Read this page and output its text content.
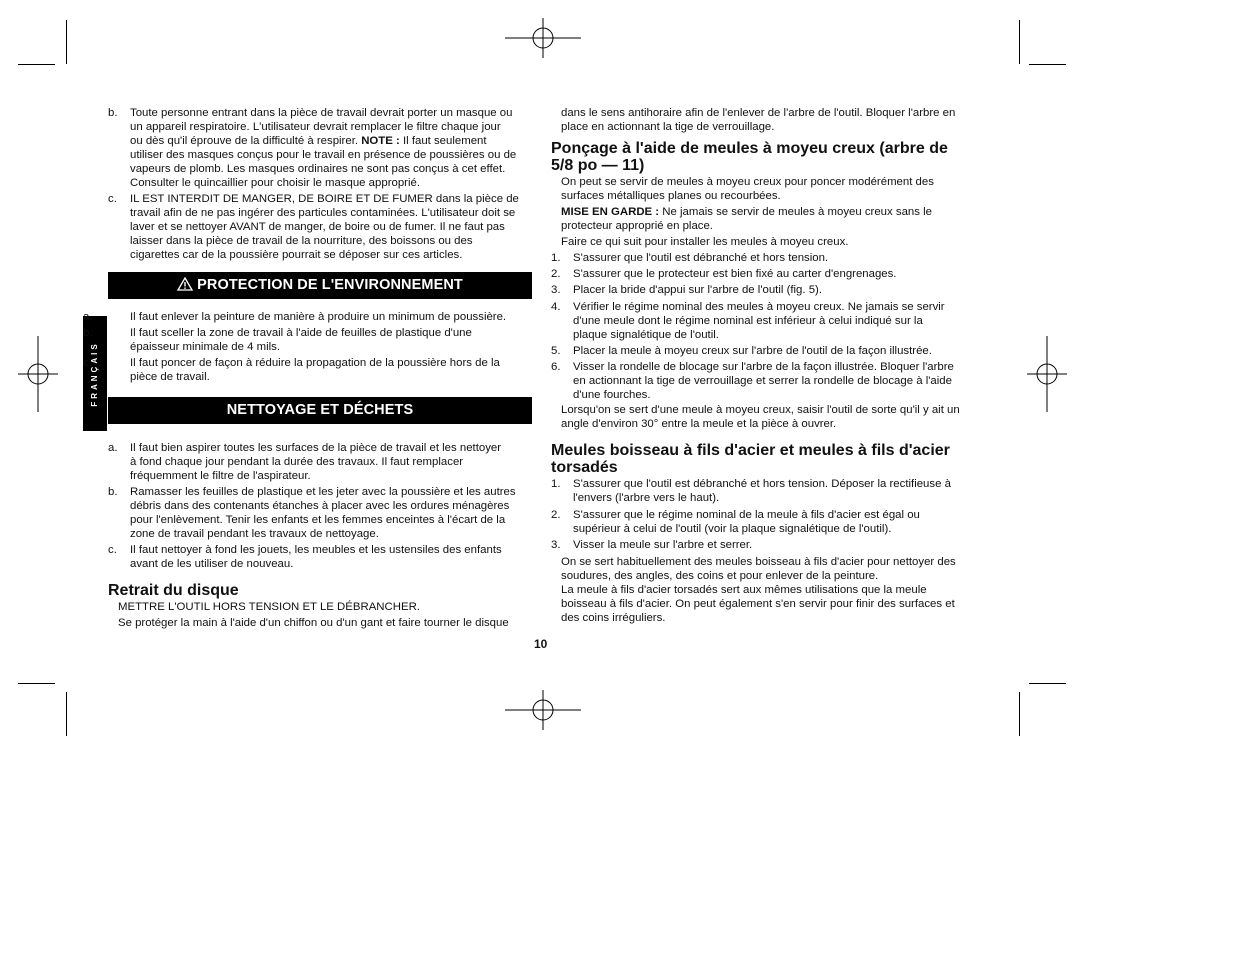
FRANÇAIS
b. Toute personne entrant dans la pièce de travail devrait porter un masque ou
un appareil respiratoire. L'utilisateur devrait remplacer le filtre chaque jour
ou dès qu'il éprouve de la difficulté à respirer. NOTE : Il faut seulement
utiliser des masques conçus pour le travail en présence de poussières ou de
vapeurs de plomb. Les masques ordinaires ne sont pas conçus à cet effet.
Consulter le quincaillier pour choisir le masque approprié.
c. IL EST INTERDIT DE MANGER, DE BOIRE ET DE FUMER dans la pièce de
travail afin de ne pas ingérer des particules contaminées. L'utilisateur doit se
laver et se nettoyer AVANT de manger, de boire ou de fumer. Il ne faut pas
laisser dans la pièce de travail de la nourriture, des boissons ou des
cigarettes car de la poussière pourrait se déposer sur ces articles.
PROTECTION DE L'ENVIRONNEMENT
a.	Il faut enlever la peinture de manière à produire un minimum de poussière.
b.	Il faut sceller la zone de travail à l'aide de feuilles de plastique d'une
épaisseur minimale de 4 mils.
c.	Il faut poncer de façon à réduire la propagation de la poussière hors de la
pièce de travail.
NETTOYAGE ET DÉCHETS
a. Il faut bien aspirer toutes les surfaces de la pièce de travail et les nettoyer
à fond chaque jour pendant la durée des travaux. Il faut remplacer
fréquemment le filtre de l'aspirateur.
b. Ramasser les feuilles de plastique et les jeter avec la poussière et les autres
débris dans des contenants étanches à placer avec les ordures ménagères
pour l'enlèvement. Tenir les enfants et les femmes enceintes à l'écart de la
zone de travail pendant les travaux de nettoyage.
c. Il faut nettoyer à fond les jouets, les meubles et les ustensiles des enfants
avant de les utiliser de nouveau.
Retrait du disque
METTRE L'OUTIL HORS TENSION ET LE DÉBRANCHER.
Se protéger la main à l'aide d'un chiffon ou d'un gant et faire tourner le disque
10
dans le sens antihoraire afin de l'enlever de l'arbre de l'outil. Bloquer l'arbre en
place en actionnant la tige de verrouillage.
Ponçage à l'aide de meules à moyeu creux (arbre de
5/8 po — 11)
On peut se servir de meules à moyeu creux pour poncer modérément des
surfaces métalliques planes ou recourbées.
MISE EN GARDE : Ne jamais se servir de meules à moyeu creux sans le
protecteur approprié en place.
Faire ce qui suit pour installer les meules à moyeu creux.
1. S'assurer que l'outil est débranché et hors tension.
2. S'assurer que le protecteur est bien fixé au carter d'engrenages.
3. Placer la bride d'appui sur l'arbre de l'outil (fig. 5).
4. Vérifier le régime nominal des meules à moyeu creux. Ne jamais se servir
d'une meule dont le régime nominal est inférieur à celui indiqué sur la
plaque signalétique de l'outil.
5. Placer la meule à moyeu creux sur l'arbre de l'outil de la façon illustrée.
6. Visser la rondelle de blocage sur l'arbre de la façon illustrée. Bloquer l'arbre
en actionnant la tige de verrouillage et serrer la rondelle de blocage à l'aide
d'une fourches.
Lorsqu'on se sert d'une meule à moyeu creux, saisir l'outil de sorte qu'il y ait un
angle d'environ 30° entre la meule et la pièce à ouvrer.
Meules boisseau à fils d'acier et meules à fils d'acier
torsadés
1. S'assurer que l'outil est débranché et hors tension. Déposer la rectifieuse à
l'envers (l'arbre vers le haut).
2. S'assurer que le régime nominal de la meule à fils d'acier est égal ou
supérieur à celui de l'outil (voir la plaque signalétique de l'outil).
3. Visser la meule sur l'arbre et serrer.
On se sert habituellement des meules boisseau à fils d'acier pour nettoyer des
soudures, des angles, des coins et pour enlever de la peinture.
La meule à fils d'acier torsadés sert aux mêmes utilisations que la meule
boisseau à fils d'acier. On peut également s'en servir pour finir des surfaces et
des coins irréguliers.
